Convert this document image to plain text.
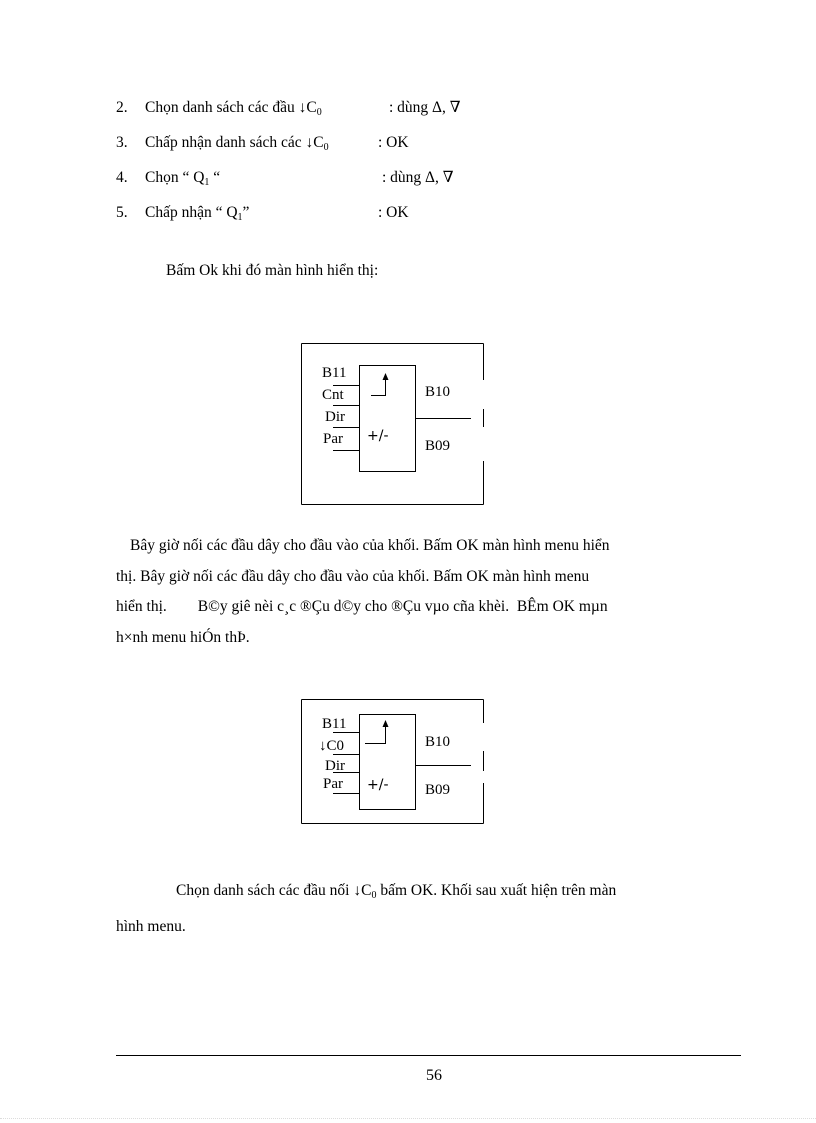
2.	Chọn danh sách các đầu $↓C_0$	: dùng Δ, ∇
3.	Chấp nhận danh sách các $↓C_0$	: OK
4.	Chọn “ $Q_1$ “	: dùng Δ, ∇
5.	Chấp nhận “ $Q_1$”	: OK
Bấm Ok khi đó màn hình hiển thị:
B11
Cnt
Dir
Par +/-
B10
B09
Bây giờ nối các đầu dây cho đầu vào của khối. Bấm OK màn hình menu hiển
thị. Bây giờ nối các đầu dây cho đầu vào của khối. Bấm OK màn hình menu
hiển thị.        B©y giê nèi c¸c ®Çu d©y cho ®Çu vµo cña khèi.  BÊm OK mµn
h×nh menu hiÓn thÞ.
B11
↓C0
Dir
Par +/-
B10
B09
Chọn danh sách các đầu nối $↓C_0$ bấm OK. Khối sau xuất hiện trên màn
hình menu.
56
